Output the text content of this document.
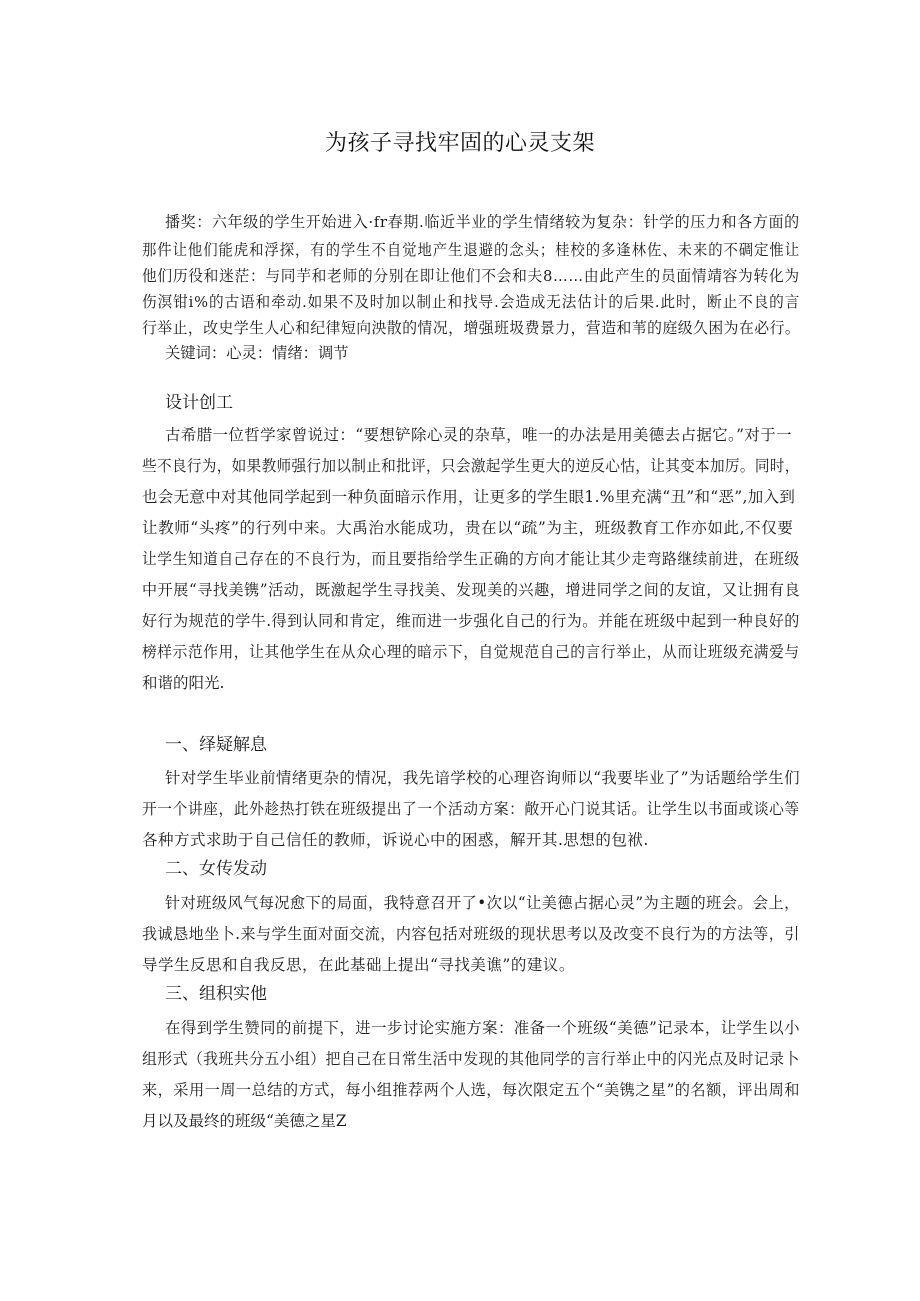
为孩子寻找牢固的心灵支架
播奖：六年级的学生开始进入·fr春期.临近半业的学生情绪较为复杂：针学的压力和各方面的
那件让他们能虎和浮探，有的学生不自觉地产生退避的念头；桂校的多逢林佐、未来的不碉定惟让
他们历役和迷茫：与同芋和老师的分别在即让他们不会和夫8……由此产生的员面情靖容为转化为
伤溟钳i%的古语和牵动.如果不及时加以制止和找导.会造成无法估计的后果.此时，断止不良的言
行举止，改史学生人心和纪律短向泱散的情况，增强班圾费景力，营造和苇的庭级久困为在必行。
关键词：心灵：情绪：调节
设计创工
古希腊一位哲学家曾说过：“要想铲除心灵的杂草，唯一的办法是用美德去占据它。”对于一
些不良行为，如果教师强行加以制止和批评，只会激起学生更大的逆反心怙，让其变本加厉。同时，
也会无意中对其他同学起到一种负面暗示作用，让更多的学生眼1.%里充满“丑”和“恶”,加入到
让教师“头疼”的行列中来。大禹治水能成功，贵在以“疏”为主，班级教育工作亦如此,不仅要
让学生知道自己存在的不良行为，而且要指给学生正确的方向才能让其少走弯路继续前进，在班级
中开展“寻找美镌”活动，既激起学生寻找美、发现美的兴趣，增进同学之间的友谊，又让拥有良
好行为规范的学牛.得到认同和肯定，维而进一步强化自己的行为。并能在班级中起到一种良好的
榜样示范作用，让其他学生在从众心理的暗示下，自觉规范自己的言行举止，从而让班级充满爱与
和谐的阳光.
一、绎疑解息
针对学生毕业前情绪更杂的情况，我先谙学校的心理咨询师以“我要毕业了”为话题给学生们
开一个讲座，此外趁热打铁在班级提出了一个活动方案：敞开心门说其话。让学生以书面或谈心等
各种方式求助于自己信任的教师，诉说心中的困惑，解开其.思想的包袱.
二、女传发动
针对班级风气每况愈下的局面，我特意召开了•次以“让美德占据心灵”为主题的班会。会上，
我诚恳地坐卜.来与学生面对面交流，内容包括对班级的现状思考以及改变不良行为的方法等，引
导学生反思和自我反思，在此基础上提出“寻找美谯”的建议。
三、组积实他
在得到学生赞同的前提下，进一步讨论实施方案：准备一个班级“美德”记录本，让学生以小
组形式（我班共分五小组）把自己在日常生活中发现的其他同学的言行举止中的闪光点及时记录卜
来，采用一周一总结的方式，每小组推荐两个人选，每次限定五个“美镌之星”的名额，评出周和
月以及最终的班级“美德之星Z
